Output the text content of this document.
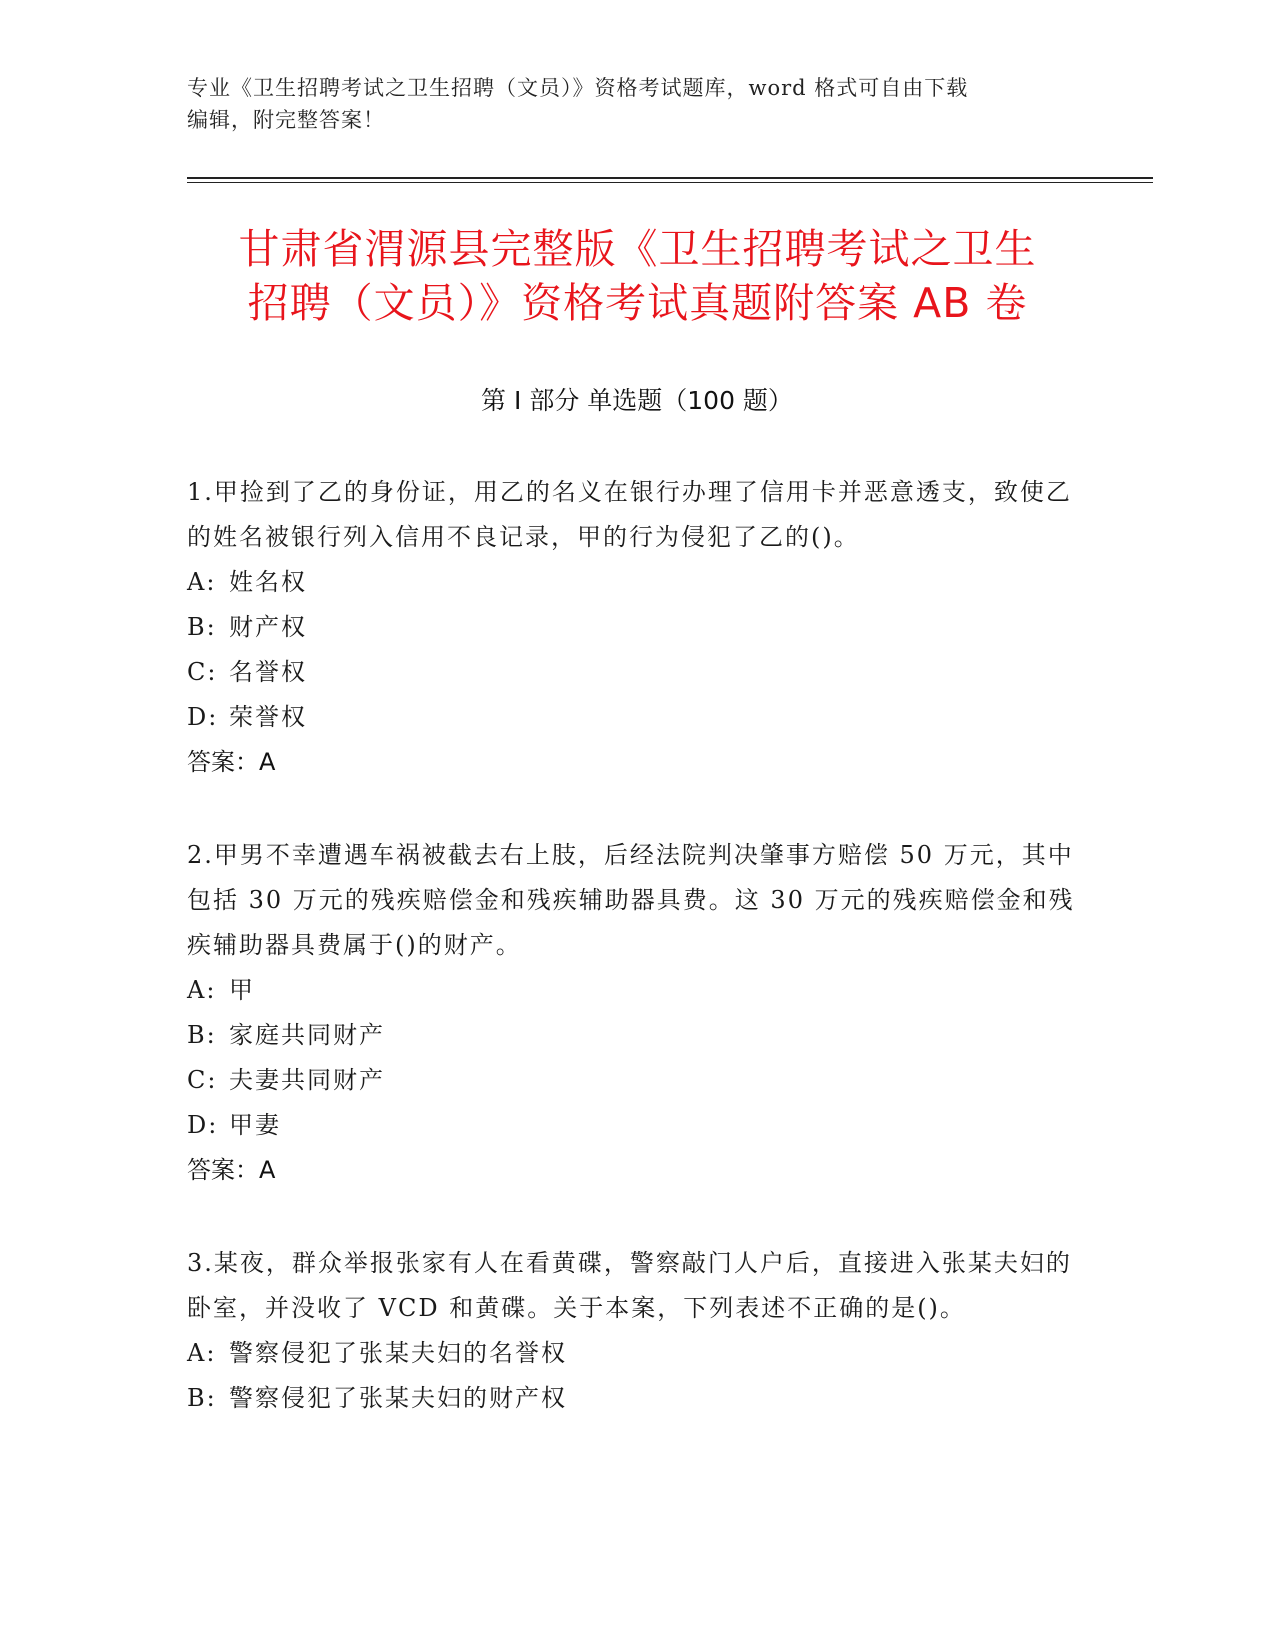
专业《卫生招聘考试之卫生招聘（文员）》资格考试题库，word 格式可自由下载
编辑，附完整答案！
甘肃省渭源县完整版《卫生招聘考试之卫生
招聘（文员）》资格考试真题附答案 AB 卷
第 I 部分 单选题（100 题）
1.甲捡到了乙的身份证，用乙的名义在银行办理了信用卡并恶意透支，致使乙的姓名被银行列入信用不良记录，甲的行为侵犯了乙的()。
A: 姓名权
B: 财产权
C: 名誉权
D: 荣誉权
答案：A
2.甲男不幸遭遇车祸被截去右上肢，后经法院判决肇事方赔偿 50 万元，其中包括 30 万元的残疾赔偿金和残疾辅助器具费。这 30 万元的残疾赔偿金和残疾辅助器具费属于()的财产。
A: 甲
B: 家庭共同财产
C: 夫妻共同财产
D: 甲妻
答案：A
3.某夜，群众举报张家有人在看黄碟，警察敲门人户后，直接进入张某夫妇的卧室，并没收了 VCD 和黄碟。关于本案，下列表述不正确的是()。
A: 警察侵犯了张某夫妇的名誉权
B: 警察侵犯了张某夫妇的财产权
